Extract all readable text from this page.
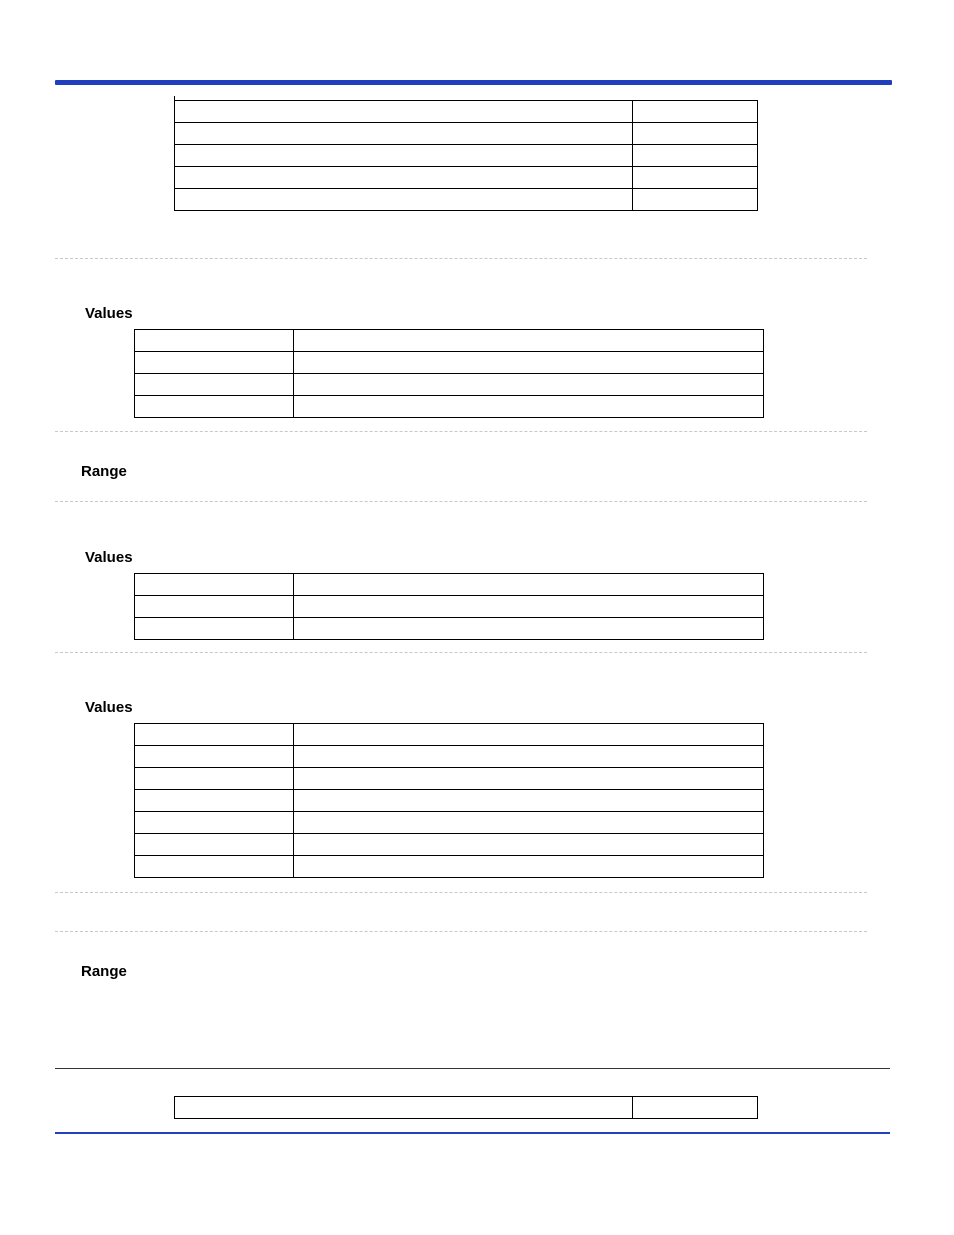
Values

Range
Values

Values

Range
